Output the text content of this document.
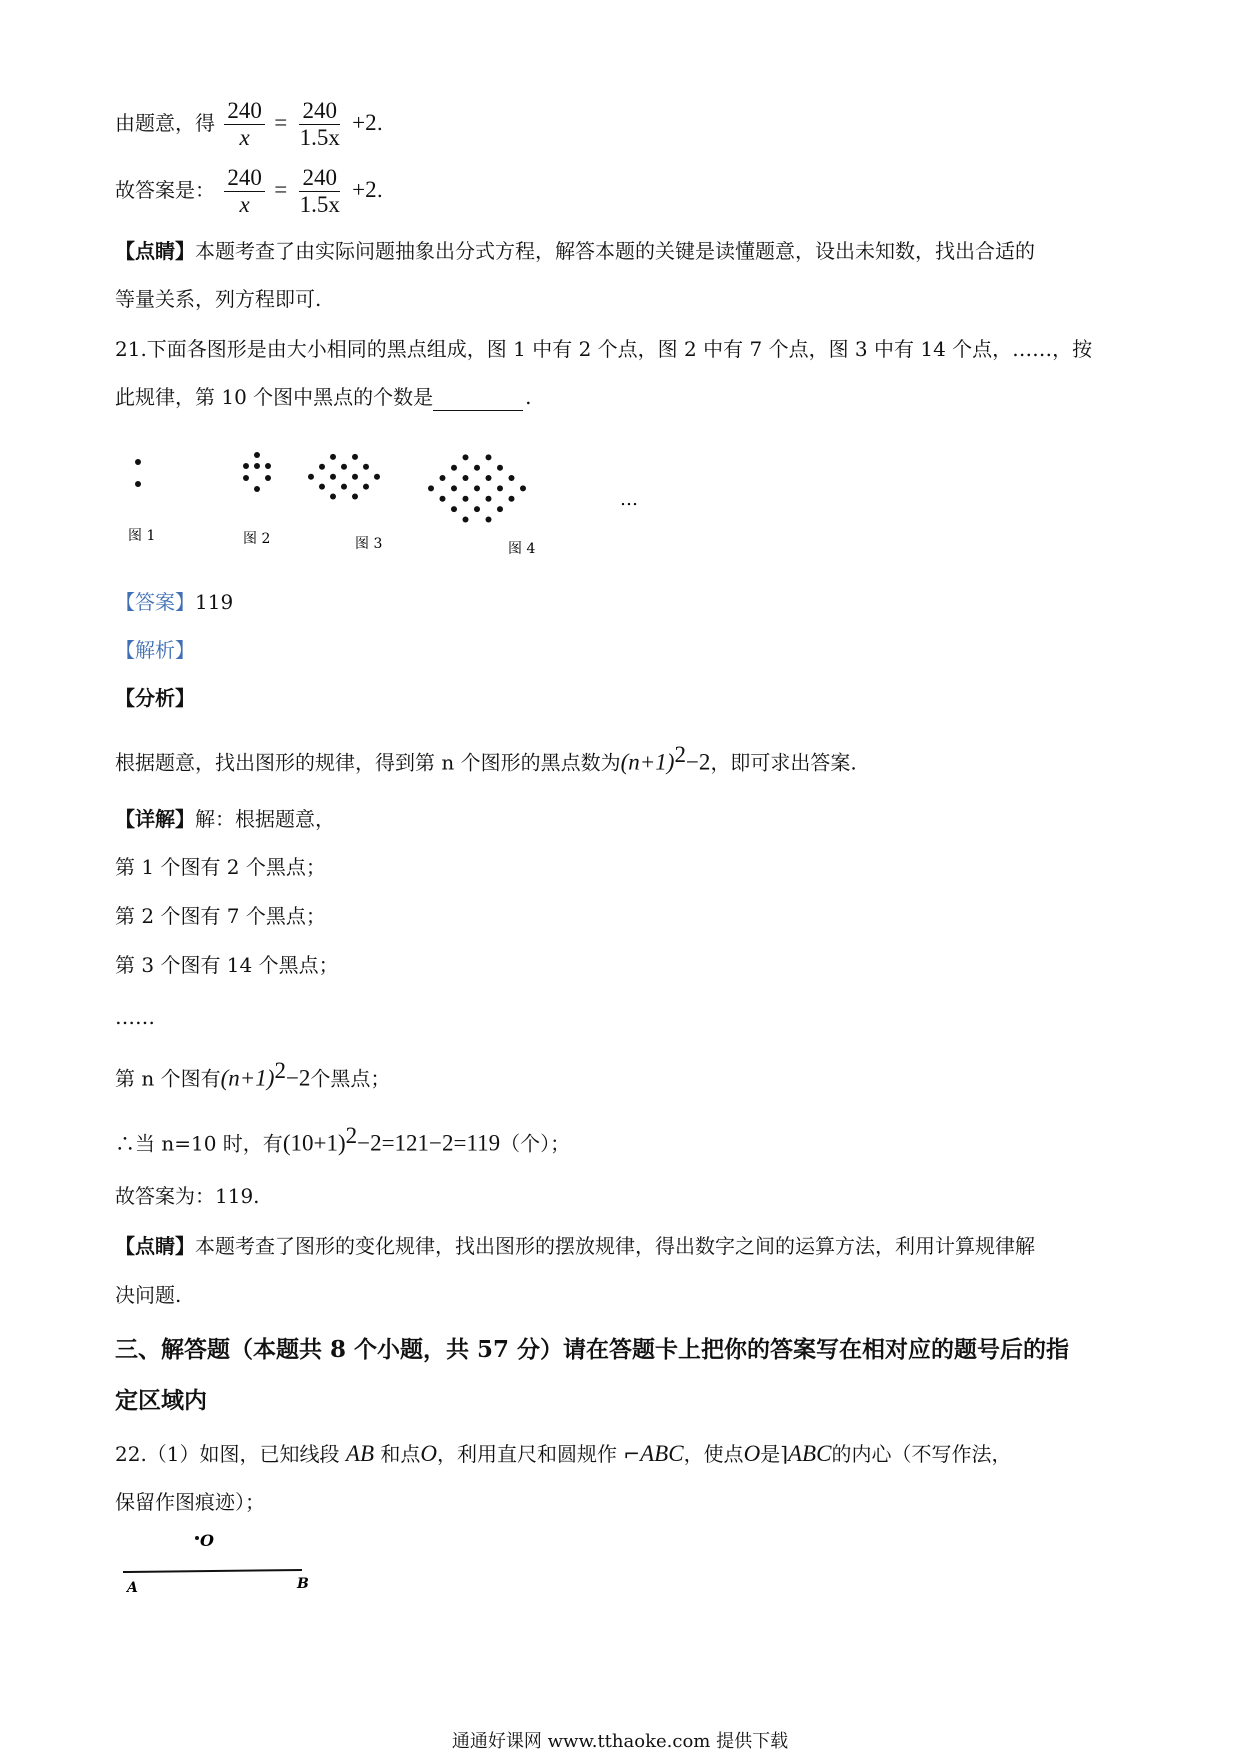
由题意，得 $\frac{240}{x} = \frac{240}{1.5x} +2$.
故答案是： $\frac{240}{x} = \frac{240}{1.5x} +2$.
【点睛】本题考查了由实际问题抽象出分式方程，解答本题的关键是读懂题意，设出未知数，找出合适的
等量关系，列方程即可.
21.下面各图形是由大小相同的黑点组成，图 1 中有 2 个点，图 2 中有 7 个点，图 3 中有 14 个点，……，按
此规律，第 10 个图中黑点的个数是	.
图 1	图 2	图 3	图 4
…
【答案】119
【解析】
【分析】
根据题意，找出图形的规律，得到第 n 个图形的黑点数为$(n+1)^2-2$，即可求出答案.
【详解】解：根据题意，
第 1 个图有 2 个黑点；
第 2 个图有 7 个黑点；
第 3 个图有 14 个黑点；
……
第 n 个图有$(n+1)^2-2$个黑点；
∴当 n=10 时，有$(10+1)^2-2=121-2=119$（个）；
故答案为：119.
【点睛】本题考查了图形的变化规律，找出图形的摆放规律，得出数字之间的运算方法，利用计算规律解
决问题.
三、解答题（本题共 8 个小题，共 57 分）请在答题卡上把你的答案写在相对应的题号后的指
定区域内
22.（1）如图，已知线段 AB 和点O，利用直尺和圆规作 ⌐ABC，使点O是⌉ABC的内心（不写作法，
保留作图痕迹）；
O
A	B
通通好课网 www.tthaoke.com 提供下载
